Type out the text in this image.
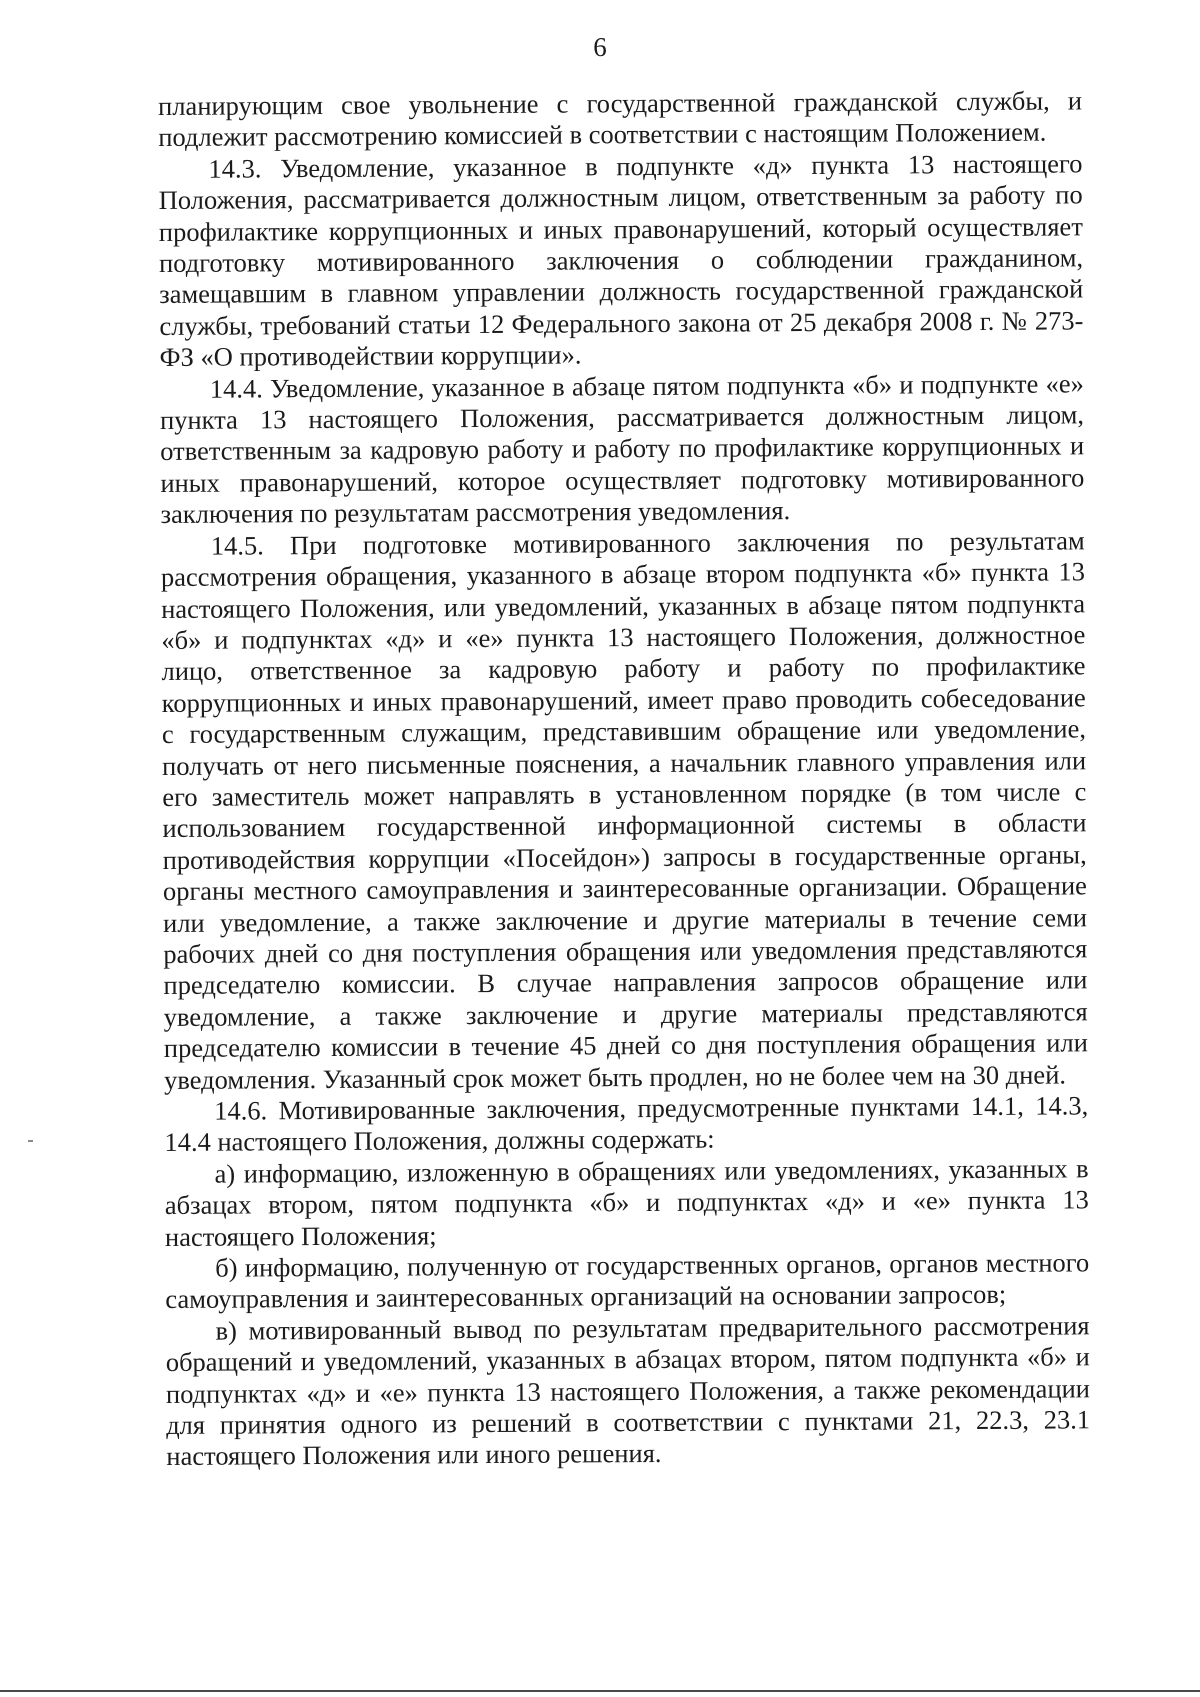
6

планирующим свое увольнение с государственной гражданской службы, и подлежит рассмотрению комиссией в соответствии с настоящим Положением.

14.3. Уведомление, указанное в подпункте «д» пункта 13 настоящего Положения, рассматривается должностным лицом, ответственным за работу по профилактике коррупционных и иных правонарушений, который осуществляет подготовку мотивированного заключения о соблюдении гражданином, замещавшим в главном управлении должность государственной гражданской службы, требований статьи 12 Федерального закона от 25 декабря 2008 г. № 273-ФЗ «О противодействии коррупции».

14.4. Уведомление, указанное в абзаце пятом подпункта «б» и подпункте «е» пункта 13 настоящего Положения, рассматривается должностным лицом, ответственным за кадровую работу и работу по профилактике коррупционных и иных правонарушений, которое осуществляет подготовку мотивированного заключения по результатам рассмотрения уведомления.

14.5. При подготовке мотивированного заключения по результатам рассмотрения обращения, указанного в абзаце втором подпункта «б» пункта 13 настоящего Положения, или уведомлений, указанных в абзаце пятом подпункта «б» и подпунктах «д» и «е» пункта 13 настоящего Положения, должностное лицо, ответственное за кадровую работу и работу по профилактике коррупционных и иных правонарушений, имеет право проводить собеседование с государственным служащим, представившим обращение или уведомление, получать от него письменные пояснения, а начальник главного управления или его заместитель может направлять в установленном порядке (в том числе с использованием государственной информационной системы в области противодействия коррупции «Посейдон») запросы в государственные органы, органы местного самоуправления и заинтересованные организации. Обращение или уведомление, а также заключение и другие материалы в течение семи рабочих дней со дня поступления обращения или уведомления представляются председателю комиссии. В случае направления запросов обращение или уведомление, а также заключение и другие материалы представляются председателю комиссии в течение 45 дней со дня поступления обращения или уведомления. Указанный срок может быть продлен, но не более чем на 30 дней.

14.6. Мотивированные заключения, предусмотренные пунктами 14.1, 14.3, 14.4 настоящего Положения, должны содержать:

а) информацию, изложенную в обращениях или уведомлениях, указанных в абзацах втором, пятом подпункта «б» и подпунктах «д» и «е» пункта 13 настоящего Положения;

б) информацию, полученную от государственных органов, органов местного самоуправления и заинтересованных организаций на основании запросов;

в) мотивированный вывод по результатам предварительного рассмотрения обращений и уведомлений, указанных в абзацах втором, пятом подпункта «б» и подпунктах «д» и «е» пункта 13 настоящего Положения, а также рекомендации для принятия одного из решений в соответствии с пунктами 21, 22.3, 23.1 настоящего Положения или иного решения.
